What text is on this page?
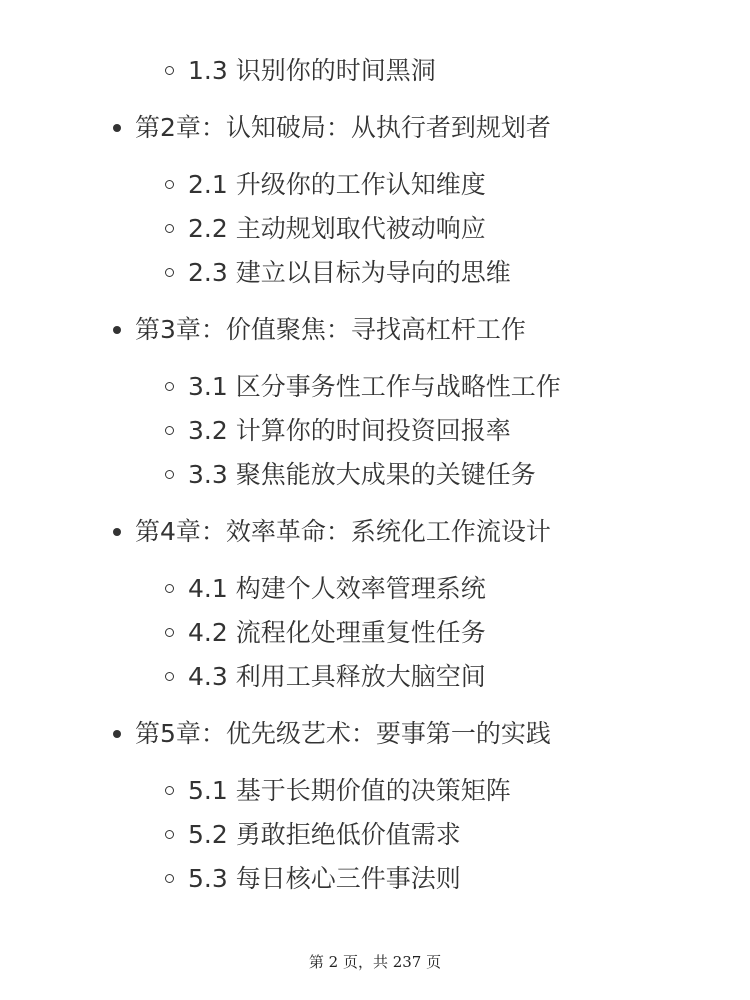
1.3 识别你的时间黑洞
第2章：认知破局：从执行者到规划者
2.1 升级你的工作认知维度
2.2 主动规划取代被动响应
2.3 建立以目标为导向的思维
第3章：价值聚焦：寻找高杠杆工作
3.1 区分事务性工作与战略性工作
3.2 计算你的时间投资回报率
3.3 聚焦能放大成果的关键任务
第4章：效率革命：系统化工作流设计
4.1 构建个人效率管理系统
4.2 流程化处理重复性任务
4.3 利用工具释放大脑空间
第5章：优先级艺术：要事第一的实践
5.1 基于长期价值的决策矩阵
5.2 勇敢拒绝低价值需求
5.3 每日核心三件事法则
第 2 页，共 237 页
